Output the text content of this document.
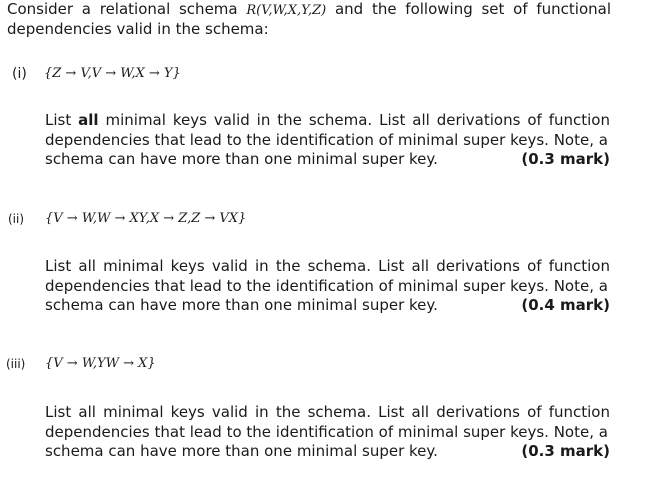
Consider a relational schema R(V,W,X,Y,Z) and the following set of functional dependencies valid in the schema:
(i) {Z → V,V → W,X → Y}
List all minimal keys valid in the schema. List all derivations of function dependencies that lead to the identification of minimal super keys. Note, a
schema can have more than one minimal super key.	(0.3 mark)
(ii) {V → W,W → XY,X → Z,Z → VX}
List all minimal keys valid in the schema. List all derivations of function dependencies that lead to the identification of minimal super keys. Note, a
schema can have more than one minimal super key.	(0.4 mark)
(iii) {V → W,YW → X}
List all minimal keys valid in the schema. List all derivations of function dependencies that lead to the identification of minimal super keys. Note, a
schema can have more than one minimal super key.	(0.3 mark)
